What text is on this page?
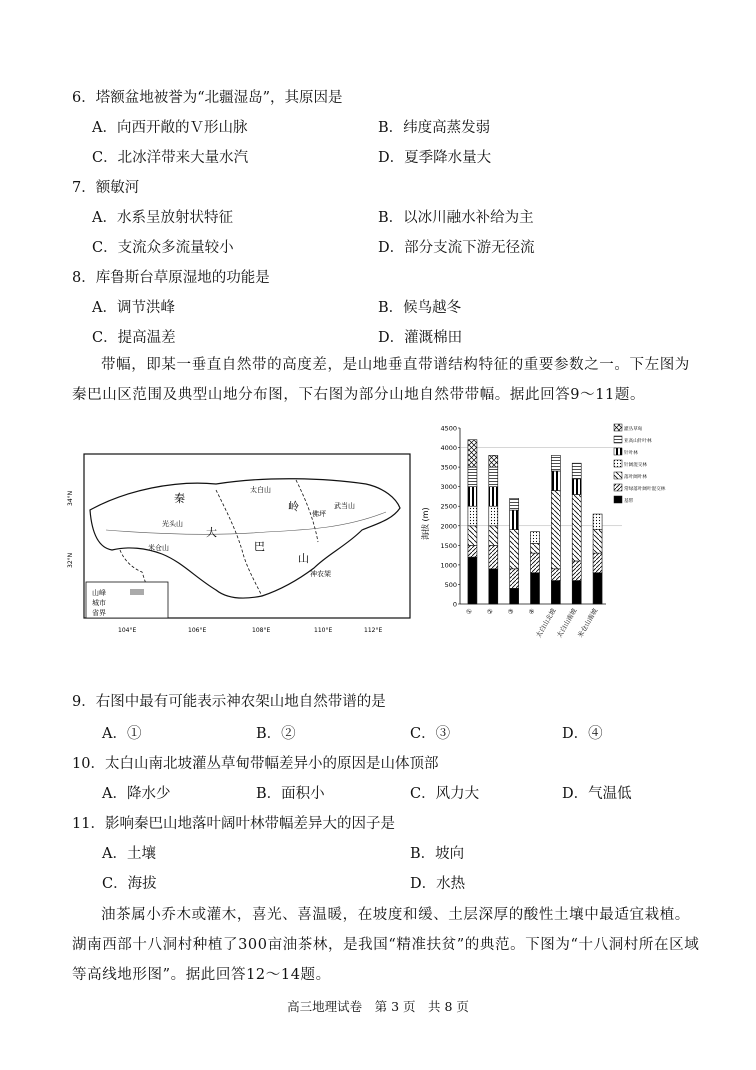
6．塔额盆地被誉为“北疆湿岛”，其原因是
A．向西开敞的Ｖ形山脉	B．纬度高蒸发弱
C．北冰洋带来大量水汽	D．夏季降水量大
7．额敏河
A．水系呈放射状特征	B．以冰川融水补给为主
C．支流众多流量较小	D．部分支流下游无径流
8．库鲁斯台草原湿地的功能是
A．调节洪峰	B．候鸟越冬
C．提高温差	D．灌溉棉田
带幅，即某一垂直自然带的高度差，是山地垂直带谱结构特征的重要参数之一。下左图为秦巴山区范围及典型山地分布图，下右图为部分山地自然带带幅。据此回答9～11题。
山峰
城市
省界
秦
岭
大
巴
山
太白山
光头山
佛坪
米仓山
神农架
武当山
34°N
32°N
104°E	106°E	108°E	110°E	112°E
海拔 (m)
0
500
1000
1500
2000
2500
3000
3500
4000
4500
① ② ③ ④
太白山北坡
太白山南坡
米仓山南坡
灌丛草甸
亚高山针叶林
针叶林
针阔混交林
落叶阔叶林
常绿落叶阔叶混交林
基带
9．右图中最有可能表示神农架山地自然带谱的是
A．①	B．②	C．③	D．④
10．太白山南北坡灌丛草甸带幅差异小的原因是山体顶部
A．降水少	B．面积小	C．风力大	D．气温低
11．影响秦巴山地落叶阔叶林带幅差异大的因子是
A．土壤	B．坡向
C．海拔	D．水热
油茶属小乔木或灌木，喜光、喜温暖，在坡度和缓、土层深厚的酸性土壤中最适宜栽植。湖南西部十八洞村种植了300亩油茶林，是我国“精准扶贫”的典范。下图为“十八洞村所在区域等高线地形图”。据此回答12～14题。
高三地理试卷　第 3 页　共 8 页
